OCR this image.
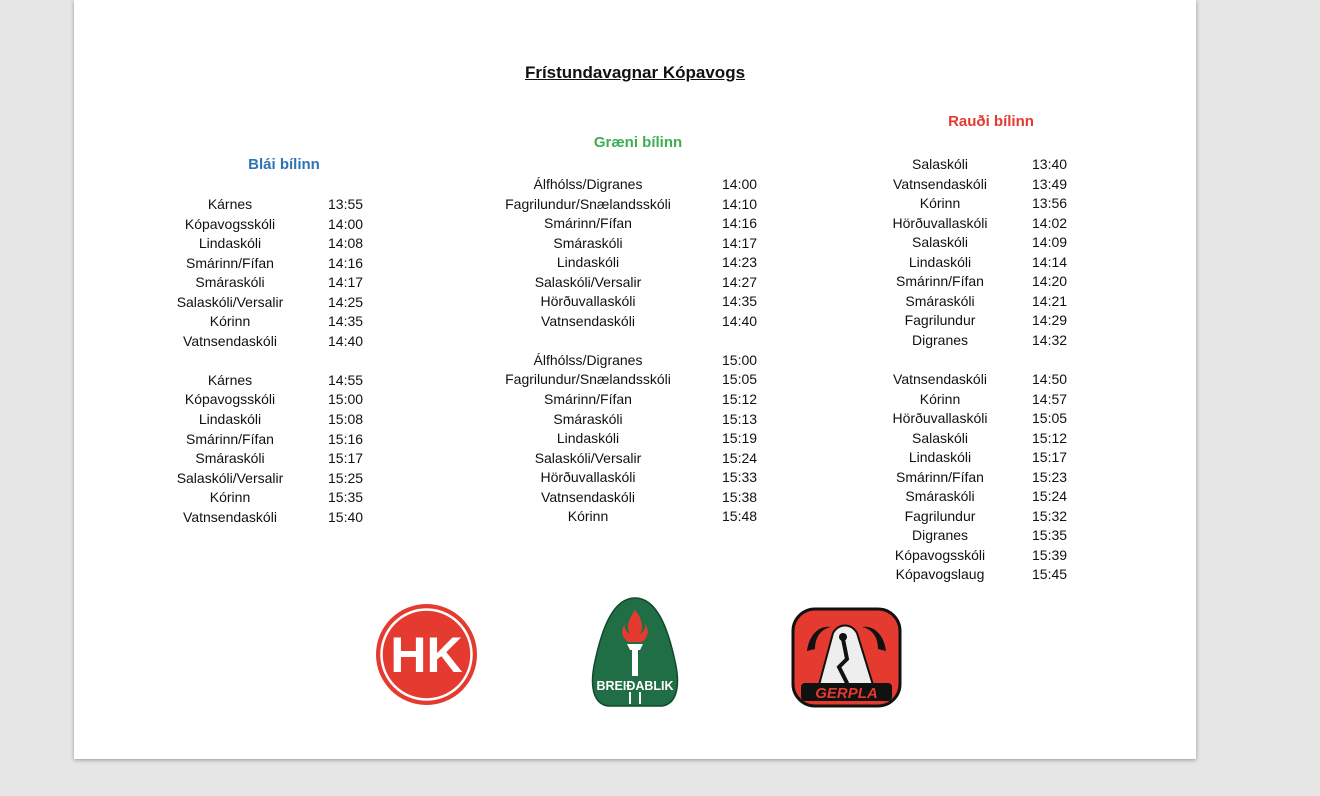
Frístundavagnar Kópavogs
Blái bílinn
Kárnes	13:55
Kópavogsskóli	14:00
Lindaskóli	14:08
Smárinn/Fífan	14:16
Smáraskóli	14:17
Salaskóli/Versalir	14:25
Kórinn	14:35
Vatnsendaskóli	14:40
Kárnes	14:55
Kópavogsskóli	15:00
Lindaskóli	15:08
Smárinn/Fífan	15:16
Smáraskóli	15:17
Salaskóli/Versalir	15:25
Kórinn	15:35
Vatnsendaskóli	15:40
Græni bílinn
Álfhólss/Digranes	14:00
Fagrilundur/Snælandsskóli	14:10
Smárinn/Fífan	14:16
Smáraskóli	14:17
Lindaskóli	14:23
Salaskóli/Versalir	14:27
Hörðuvallaskóli	14:35
Vatnsendaskóli	14:40
Álfhólss/Digranes	15:00
Fagrilundur/Snælandsskóli	15:05
Smárinn/Fífan	15:12
Smáraskóli	15:13
Lindaskóli	15:19
Salaskóli/Versalir	15:24
Hörðuvallaskóli	15:33
Vatnsendaskóli	15:38
Kórinn	15:48
Rauði bílinn
Salaskóli	13:40
Vatnsendaskóli	13:49
Kórinn	13:56
Hörðuvallaskóli	14:02
Salaskóli	14:09
Lindaskóli	14:14
Smárinn/Fífan	14:20
Smáraskóli	14:21
Fagrilundur	14:29
Digranes	14:32
Vatnsendaskóli	14:50
Kórinn	14:57
Hörðuvallaskóli	15:05
Salaskóli	15:12
Lindaskóli	15:17
Smárinn/Fífan	15:23
Smáraskóli	15:24
Fagrilundur	15:32
Digranes	15:35
Kópavogsskóli	15:39
Kópavogslaug	15:45
HK
BREIÐABLIK	GERPLA
